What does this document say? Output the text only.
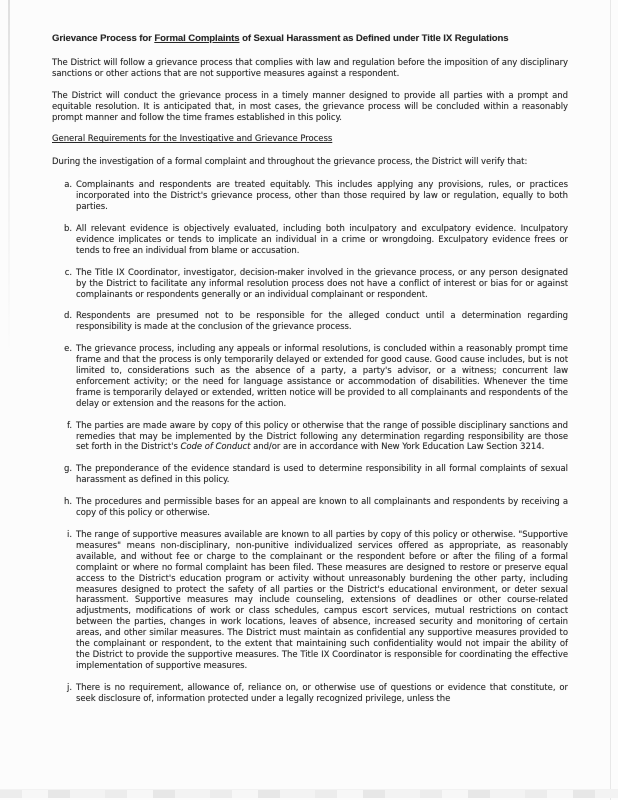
Grievance Process for Formal Complaints of Sexual Harassment as Defined under Title IX Regulations

The District will follow a grievance process that complies with law and regulation before the imposition of any disciplinary sanctions or other actions that are not supportive measures against a respondent.

The District will conduct the grievance process in a timely manner designed to provide all parties with a prompt and equitable resolution. It is anticipated that, in most cases, the grievance process will be concluded within a reasonably prompt manner and follow the time frames established in this policy.

General Requirements for the Investigative and Grievance Process

During the investigation of a formal complaint and throughout the grievance process, the District will verify that:

a. Complainants and respondents are treated equitably. This includes applying any provisions, rules, or practices incorporated into the District's grievance process, other than those required by law or regulation, equally to both parties.
b. All relevant evidence is objectively evaluated, including both inculpatory and exculpatory evidence. Inculpatory evidence implicates or tends to implicate an individual in a crime or wrongdoing. Exculpatory evidence frees or tends to free an individual from blame or accusation.
c. The Title IX Coordinator, investigator, decision-maker involved in the grievance process, or any person designated by the District to facilitate any informal resolution process does not have a conflict of interest or bias for or against complainants or respondents generally or an individual complainant or respondent.
d. Respondents are presumed not to be responsible for the alleged conduct until a determination regarding responsibility is made at the conclusion of the grievance process.
e. The grievance process, including any appeals or informal resolutions, is concluded within a reasonably prompt time frame and that the process is only temporarily delayed or extended for good cause. Good cause includes, but is not limited to, considerations such as the absence of a party, a party's advisor, or a witness; concurrent law enforcement activity; or the need for language assistance or accommodation of disabilities. Whenever the time frame is temporarily delayed or extended, written notice will be provided to all complainants and respondents of the delay or extension and the reasons for the action.
f. The parties are made aware by copy of this policy or otherwise that the range of possible disciplinary sanctions and remedies that may be implemented by the District following any determination regarding responsibility are those set forth in the District's Code of Conduct and/or are in accordance with New York Education Law Section 3214.
g. The preponderance of the evidence standard is used to determine responsibility in all formal complaints of sexual harassment as defined in this policy.
h. The procedures and permissible bases for an appeal are known to all complainants and respondents by receiving a copy of this policy or otherwise.
i. The range of supportive measures available are known to all parties by copy of this policy or otherwise. "Supportive measures" means non-disciplinary, non-punitive individualized services offered as appropriate, as reasonably available, and without fee or charge to the complainant or the respondent before or after the filing of a formal complaint or where no formal complaint has been filed. These measures are designed to restore or preserve equal access to the District's education program or activity without unreasonably burdening the other party, including measures designed to protect the safety of all parties or the District's educational environment, or deter sexual harassment. Supportive measures may include counseling, extensions of deadlines or other course-related adjustments, modifications of work or class schedules, campus escort services, mutual restrictions on contact between the parties, changes in work locations, leaves of absence, increased security and monitoring of certain areas, and other similar measures. The District must maintain as confidential any supportive measures provided to the complainant or respondent, to the extent that maintaining such confidentiality would not impair the ability of the District to provide the supportive measures. The Title IX Coordinator is responsible for coordinating the effective implementation of supportive measures.
j. There is no requirement, allowance of, reliance on, or otherwise use of questions or evidence that constitute, or seek disclosure of, information protected under a legally recognized privilege, unless the
